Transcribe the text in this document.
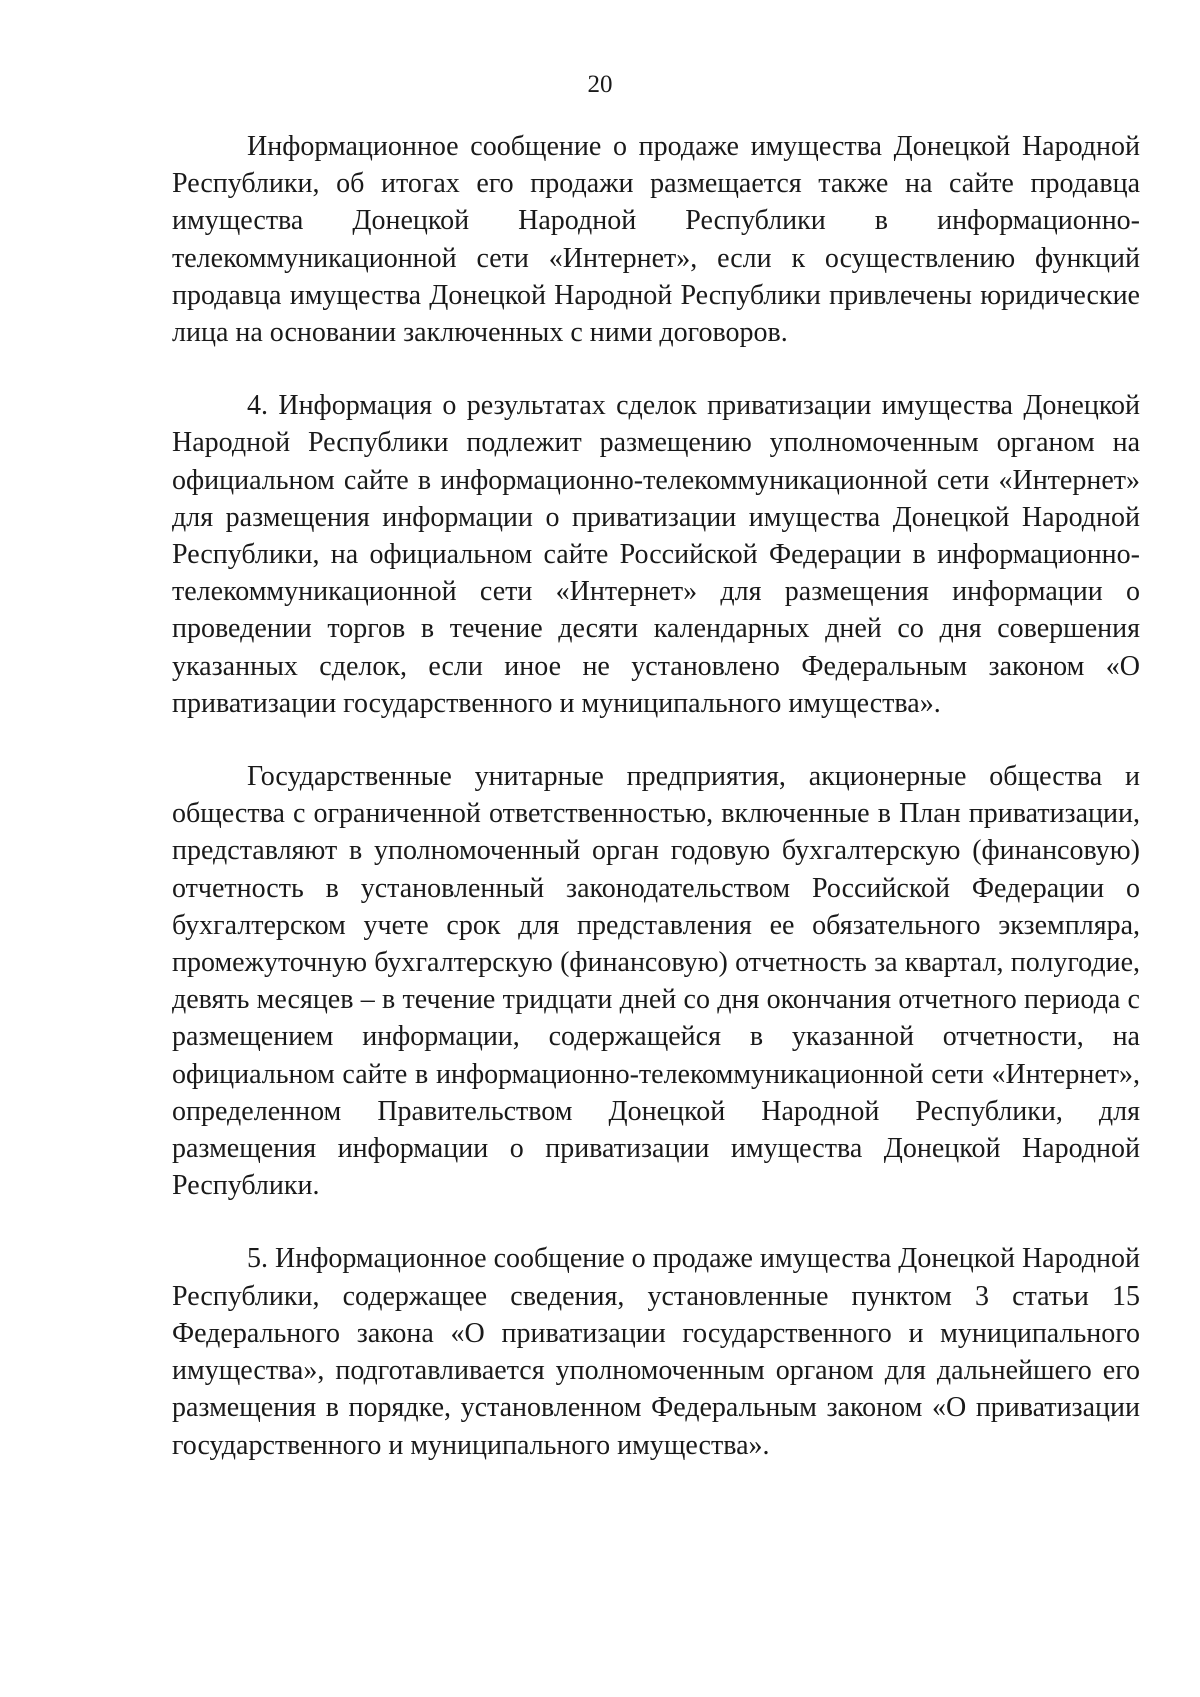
20

Информационное сообщение о продаже имущества Донецкой Народной Республики, об итогах его продажи размещается также на сайте продавца имущества Донецкой Народной Республики в информационно-телекоммуникационной сети «Интернет», если к осуществлению функций продавца имущества Донецкой Народной Республики привлечены юридические лица на основании заключенных с ними договоров.

4. Информация о результатах сделок приватизации имущества Донецкой Народной Республики подлежит размещению уполномоченным органом на официальном сайте в информационно-телекоммуникационной сети «Интернет» для размещения информации о приватизации имущества Донецкой Народной Республики, на официальном сайте Российской Федерации в информационно-телекоммуникационной сети «Интернет» для размещения информации о проведении торгов в течение десяти календарных дней со дня совершения указанных сделок, если иное не установлено Федеральным законом «О приватизации государственного и муниципального имущества».

Государственные унитарные предприятия, акционерные общества и общества с ограниченной ответственностью, включенные в План приватизации, представляют в уполномоченный орган годовую бухгалтерскую (финансовую) отчетность в установленный законодательством Российской Федерации о бухгалтерском учете срок для представления ее обязательного экземпляра, промежуточную бухгалтерскую (финансовую) отчетность за квартал, полугодие, девять месяцев – в течение тридцати дней со дня окончания отчетного периода с размещением информации, содержащейся в указанной отчетности, на официальном сайте в информационно-телекоммуникационной сети «Интернет», определенном Правительством Донецкой Народной Республики, для размещения информации о приватизации имущества Донецкой Народной Республики.

5. Информационное сообщение о продаже имущества Донецкой Народной Республики, содержащее сведения, установленные пунктом 3 статьи 15 Федерального закона «О приватизации государственного и муниципального имущества», подготавливается уполномоченным органом для дальнейшего его размещения в порядке, установленном Федеральным законом «О приватизации государственного и муниципального имущества».
